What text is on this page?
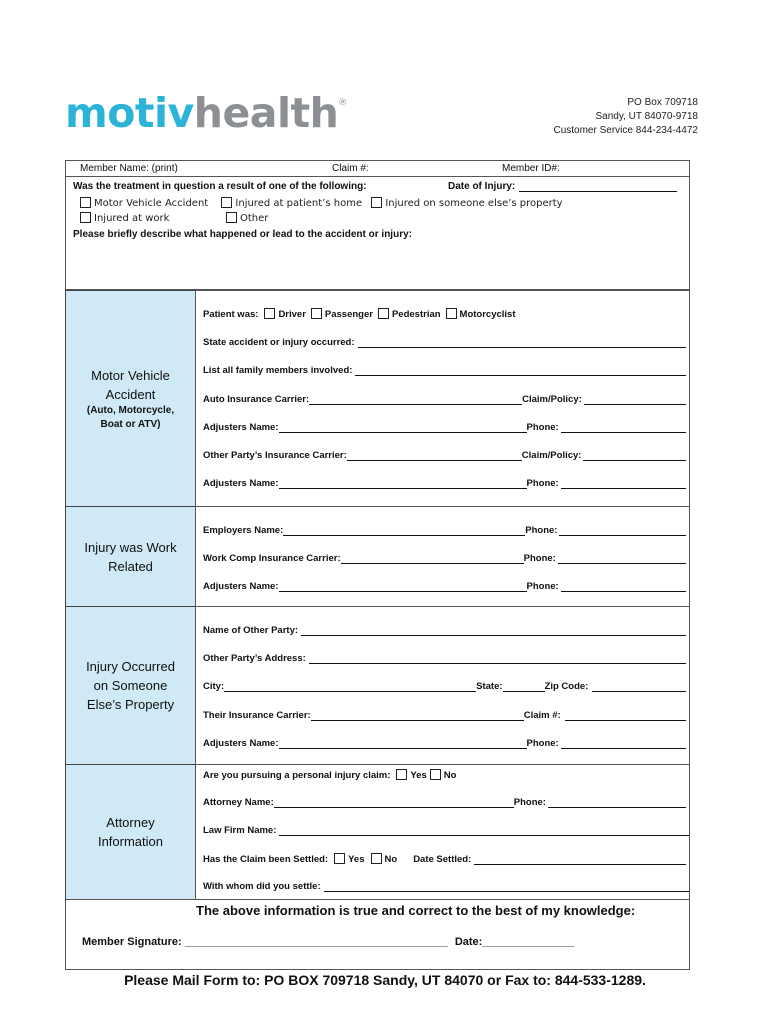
motivhealth®	PO Box 709718
Sandy, UT 84070-9718
Customer Service 844-234-4472
Member Name: (print)	Claim #:	Member ID#:
Was the treatment in question a result of one of the following:	Date of Injury:
Motor Vehicle Accident	Injured at patient’s home Injured on someone else’s property
Injured at work	Other
Please briefly describe what happened or lead to the accident or injury:
Motor Vehicle
Accident
(Auto, Motorcycle,
Boat or ATV)
Patient was:	Driver	Passenger	Pedestrian	Motorcyclist
State accident or injury occurred:
List all family members involved:
Auto Insurance Carrier:	Claim/Policy:
Adjusters Name:	Phone:
Other Party’s Insurance Carrier:	Claim/Policy:
Adjusters Name:	Phone:
Injury was Work
Related
Employers Name:	Phone:
Work Comp Insurance Carrier:	Phone:
Adjusters Name:	Phone:
Injury Occurred
on Someone
Else’s Property
Name of Other Party:
Other Party’s Address:
City:	State:	Zip Code:
Their Insurance Carrier:	Claim #:
Adjusters Name:	Phone:
Attorney
Information
Are you pursuing a personal injury claim:	Yes	No
Attorney Name:	Phone:
Law Firm Name:
Has the Claim been Settled:	Yes	No Date Settled:
With whom did you settle:
The above information is true and correct to the best of my knowledge:
Member Signature: ___________________________________________ Date:_______________
Please Mail Form to: PO BOX 709718 Sandy, UT 84070 or Fax to: 844-533-1289.
